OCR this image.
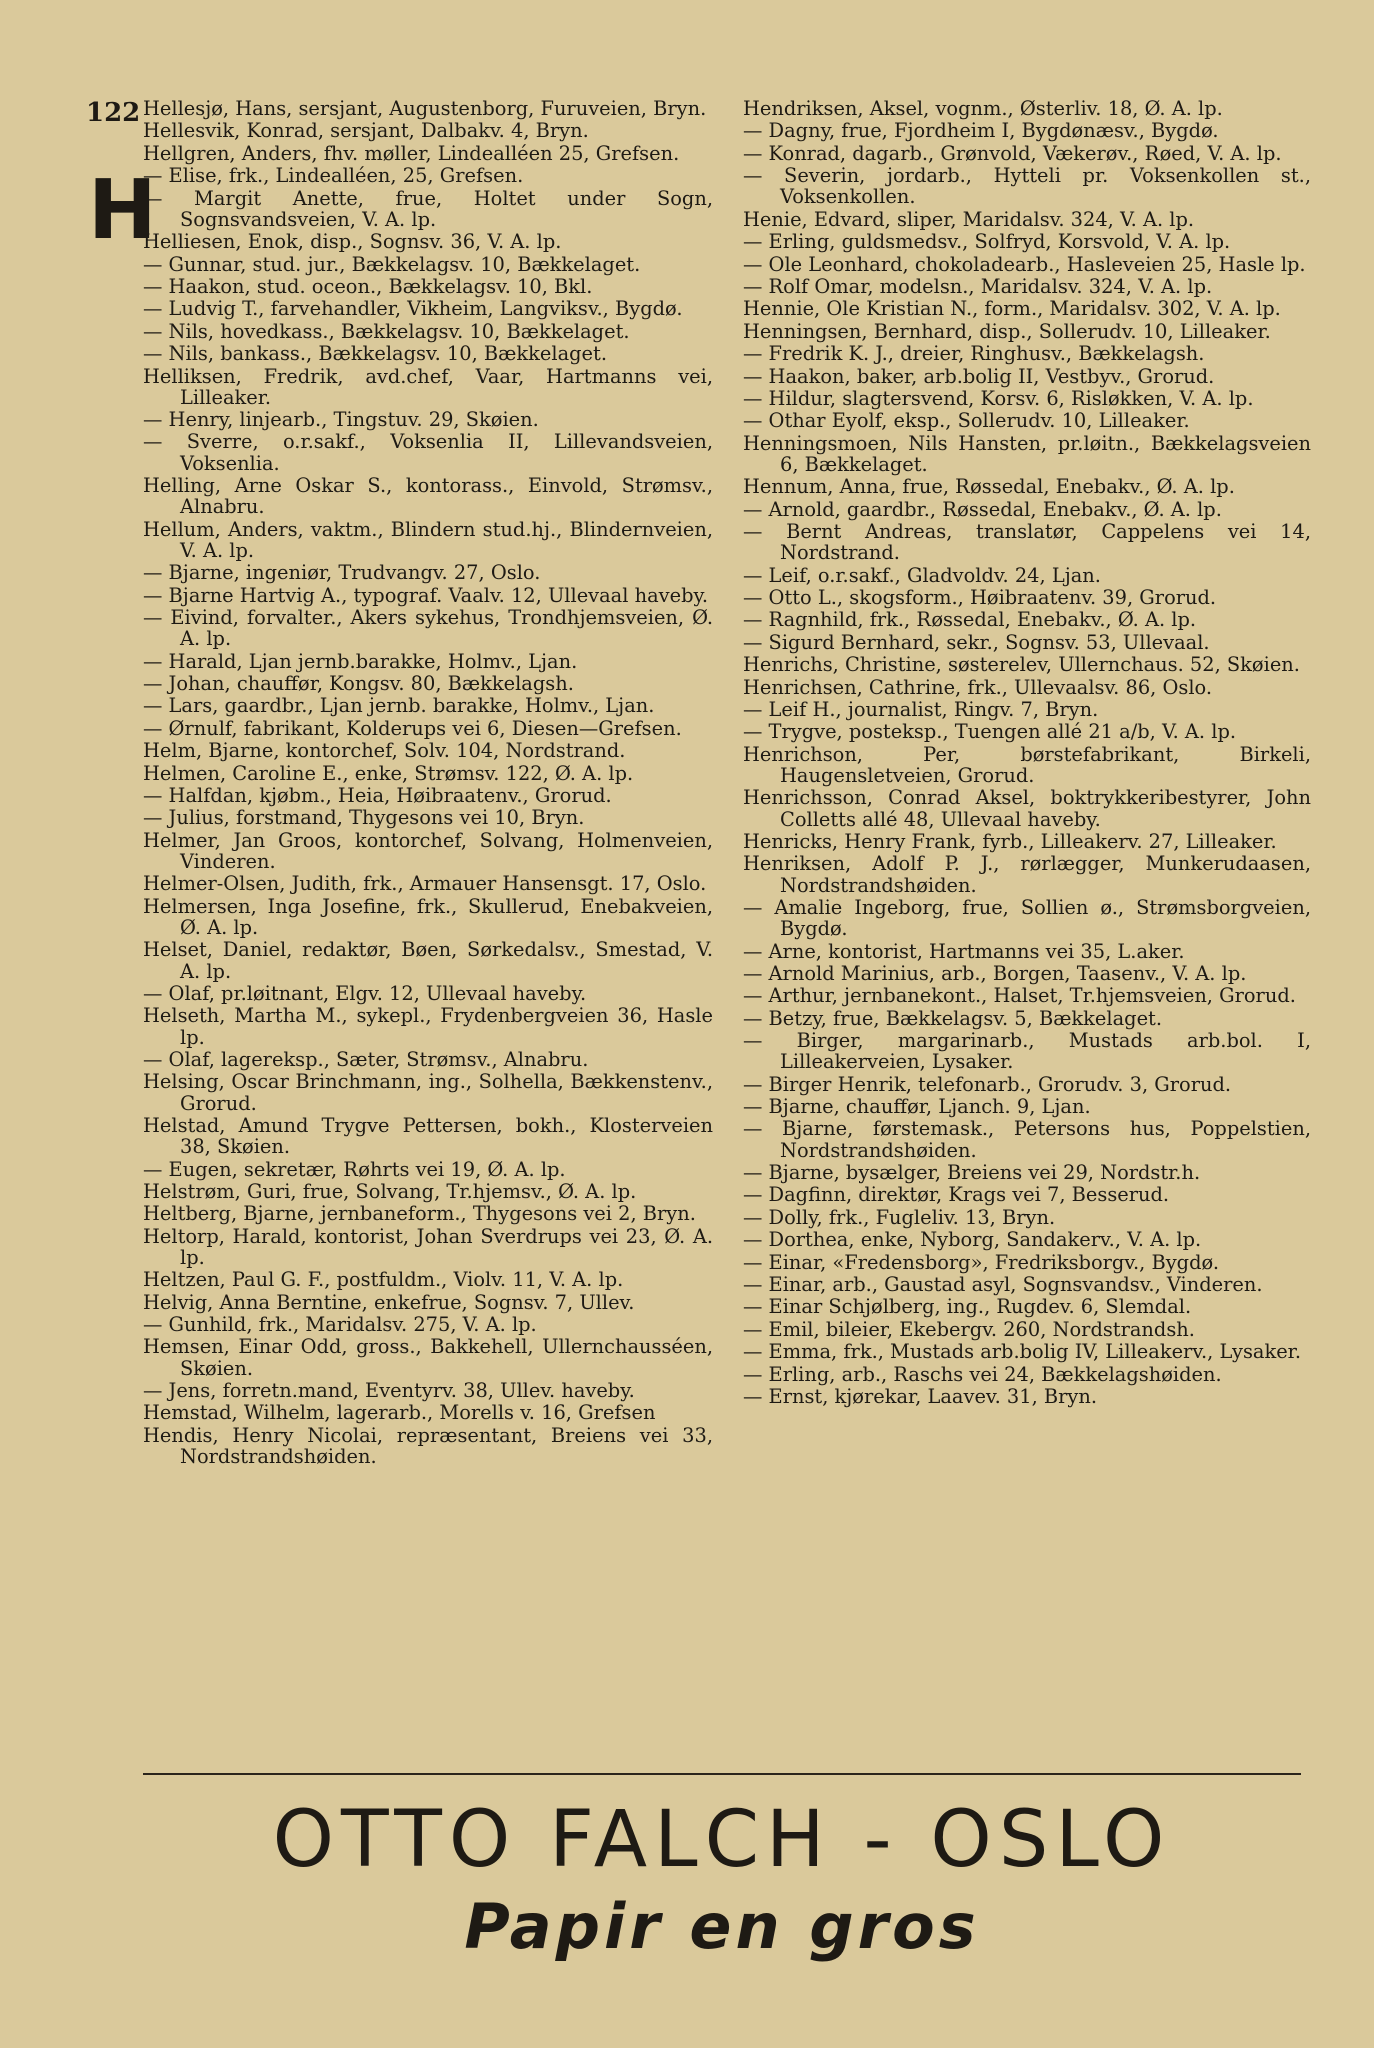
122
H

Hellesjø, Hans, sersjant, Augustenborg, Furuveien, Bryn.

Hellesvik, Konrad, sersjant, Dalbakv. 4, Bryn.

Hellgren, Anders, fhv. møller, Lindealléen 25, Grefsen.

— Elise, frk., Lindealléen, 25, Grefsen.

— Margit Anette, frue, Holtet under Sogn, Sognsvandsveien, V. A. lp.

Helliesen, Enok, disp., Sognsv. 36, V. A. lp.

— Gunnar, stud. jur., Bækkelagsv. 10, Bækkelaget.

— Haakon, stud. oceon., Bækkelagsv. 10, Bkl.

— Ludvig T., farvehandler, Vikheim, Langviksv., Bygdø.

— Nils, hovedkass., Bækkelagsv. 10, Bækkelaget.

— Nils, bankass., Bækkelagsv. 10, Bækkelaget.

Helliksen, Fredrik, avd.chef, Vaar, Hartmanns vei, Lilleaker.

— Henry, linjearb., Tingstuv. 29, Skøien.

— Sverre, o.r.sakf., Voksenlia II, Lillevandsveien, Voksenlia.

Helling, Arne Oskar S., kontorass., Einvold, Strømsv., Alnabru.

Hellum, Anders, vaktm., Blindern stud.hj., Blindernveien, V. A. lp.

— Bjarne, ingeniør, Trudvangv. 27, Oslo.

— Bjarne Hartvig A., typograf. Vaalv. 12, Ullevaal haveby.

— Eivind, forvalter., Akers sykehus, Trondhjemsveien, Ø. A. lp.

— Harald, Ljan jernb.barakke, Holmv., Ljan.

— Johan, chauffør, Kongsv. 80, Bækkelagsh.

— Lars, gaardbr., Ljan jernb. barakke, Holmv., Ljan.

— Ørnulf, fabrikant, Kolderups vei 6, Diesen—Grefsen.

Helm, Bjarne, kontorchef, Solv. 104, Nordstrand.

Helmen, Caroline E., enke, Strømsv. 122, Ø. A. lp.

— Halfdan, kjøbm., Heia, Høibraatenv., Grorud.

— Julius, forstmand, Thygesons vei 10, Bryn.

Helmer, Jan Groos, kontorchef, Solvang, Holmenveien, Vinderen.

Helmer-Olsen, Judith, frk., Armauer Hansensgt. 17, Oslo.

Helmersen, Inga Josefine, frk., Skullerud, Enebakveien, Ø. A. lp.

Helset, Daniel, redaktør, Bøen, Sørkedalsv., Smestad, V. A. lp.

— Olaf, pr.løitnant, Elgv. 12, Ullevaal haveby.

Helseth, Martha M., sykepl., Frydenbergveien 36, Hasle lp.

— Olaf, lagereksp., Sæter, Strømsv., Alnabru.

Helsing, Oscar Brinchmann, ing., Solhella, Bækkenstenv., Grorud.

Helstad, Amund Trygve Pettersen, bokh., Klosterveien 38, Skøien.

— Eugen, sekretær, Røhrts vei 19, Ø. A. lp.

Helstrøm, Guri, frue, Solvang, Tr.hjemsv., Ø. A. lp.

Heltberg, Bjarne, jernbaneform., Thygesons vei 2, Bryn.

Heltorp, Harald, kontorist, Johan Sverdrups vei 23, Ø. A. lp.

Heltzen, Paul G. F., postfuldm., Violv. 11, V. A. lp.

Helvig, Anna Berntine, enkefrue, Sognsv. 7, Ullev.

— Gunhild, frk., Maridalsv. 275, V. A. lp.

Hemsen, Einar Odd, gross., Bakkehell, Ullernchausséen, Skøien.

— Jens, forretn.mand, Eventyrv. 38, Ullev. haveby.

Hemstad, Wilhelm, lagerarb., Morells v. 16, Grefsen

Hendis, Henry Nicolai, repræsentant, Breiens vei 33, Nordstrandshøiden.

Hendriksen, Aksel, vognm., Østerliv. 18, Ø. A. lp.

— Dagny, frue, Fjordheim I, Bygdønæsv., Bygdø.

— Konrad, dagarb., Grønvold, Vækerøv., Røed, V. A. lp.

— Severin, jordarb., Hytteli pr. Voksenkollen st., Voksenkollen.

Henie, Edvard, sliper, Maridalsv. 324, V. A. lp.

— Erling, guldsmedsv., Solfryd, Korsvold, V. A. lp.

— Ole Leonhard, chokoladearb., Hasleveien 25, Hasle lp.

— Rolf Omar, modelsn., Maridalsv. 324, V. A. lp.

Hennie, Ole Kristian N., form., Maridalsv. 302, V. A. lp.

Henningsen, Bernhard, disp., Sollerudv. 10, Lilleaker.

— Fredrik K. J., dreier, Ringhusv., Bækkelagsh.

— Haakon, baker, arb.bolig II, Vestbyv., Grorud.

— Hildur, slagtersvend, Korsv. 6, Risløkken, V. A. lp.

— Othar Eyolf, eksp., Sollerudv. 10, Lilleaker.

Henningsmoen, Nils Hansten, pr.løitn., Bækkelagsveien 6, Bækkelaget.

Hennum, Anna, frue, Røssedal, Enebakv., Ø. A. lp.

— Arnold, gaardbr., Røssedal, Enebakv., Ø. A. lp.

— Bernt Andreas, translatør, Cappelens vei 14, Nordstrand.

— Leif, o.r.sakf., Gladvoldv. 24, Ljan.

— Otto L., skogsform., Høibraatenv. 39, Grorud.

— Ragnhild, frk., Røssedal, Enebakv., Ø. A. lp.

— Sigurd Bernhard, sekr., Sognsv. 53, Ullevaal.

Henrichs, Christine, søsterelev, Ullernchaus. 52, Skøien.

Henrichsen, Cathrine, frk., Ullevaalsv. 86, Oslo.

— Leif H., journalist, Ringv. 7, Bryn.

— Trygve, posteksp., Tuengen allé 21 a/b, V. A. lp.

Henrichson, Per, børstefabrikant, Birkeli, Haugensletveien, Grorud.

Henrichsson, Conrad Aksel, boktrykkeribestyrer, John Colletts allé 48, Ullevaal haveby.

Henricks, Henry Frank, fyrb., Lilleakerv. 27, Lilleaker.

Henriksen, Adolf P. J., rørlægger, Munkerudaasen, Nordstrandshøiden.

— Amalie Ingeborg, frue, Sollien ø., Strømsborgveien, Bygdø.

— Arne, kontorist, Hartmanns vei 35, L.aker.

— Arnold Marinius, arb., Borgen, Taasenv., V. A. lp.

— Arthur, jernbanekont., Halset, Tr.hjemsveien, Grorud.

— Betzy, frue, Bækkelagsv. 5, Bækkelaget.

— Birger, margarinarb., Mustads arb.bol. I, Lilleakerveien, Lysaker.

— Birger Henrik, telefonarb., Grorudv. 3, Grorud.

— Bjarne, chauffør, Ljanch. 9, Ljan.

— Bjarne, førstemask., Petersons hus, Poppelstien, Nordstrandshøiden.

— Bjarne, bysælger, Breiens vei 29, Nordstr.h.

— Dagfinn, direktør, Krags vei 7, Besserud.

— Dolly, frk., Fugleliv. 13, Bryn.

— Dorthea, enke, Nyborg, Sandakerv., V. A. lp.

— Einar, «Fredensborg», Fredriksborgv., Bygdø.

— Einar, arb., Gaustad asyl, Sognsvandsv., Vinderen.

— Einar Schjølberg, ing., Rugdev. 6, Slemdal.

— Emil, bileier, Ekebergv. 260, Nordstrandsh.

— Emma, frk., Mustads arb.bolig IV, Lilleakerv., Lysaker.

— Erling, arb., Raschs vei 24, Bækkelagshøiden.

— Ernst, kjørekar, Laavev. 31, Bryn.

OTTO FALCH - OSLO
Papir en gros
